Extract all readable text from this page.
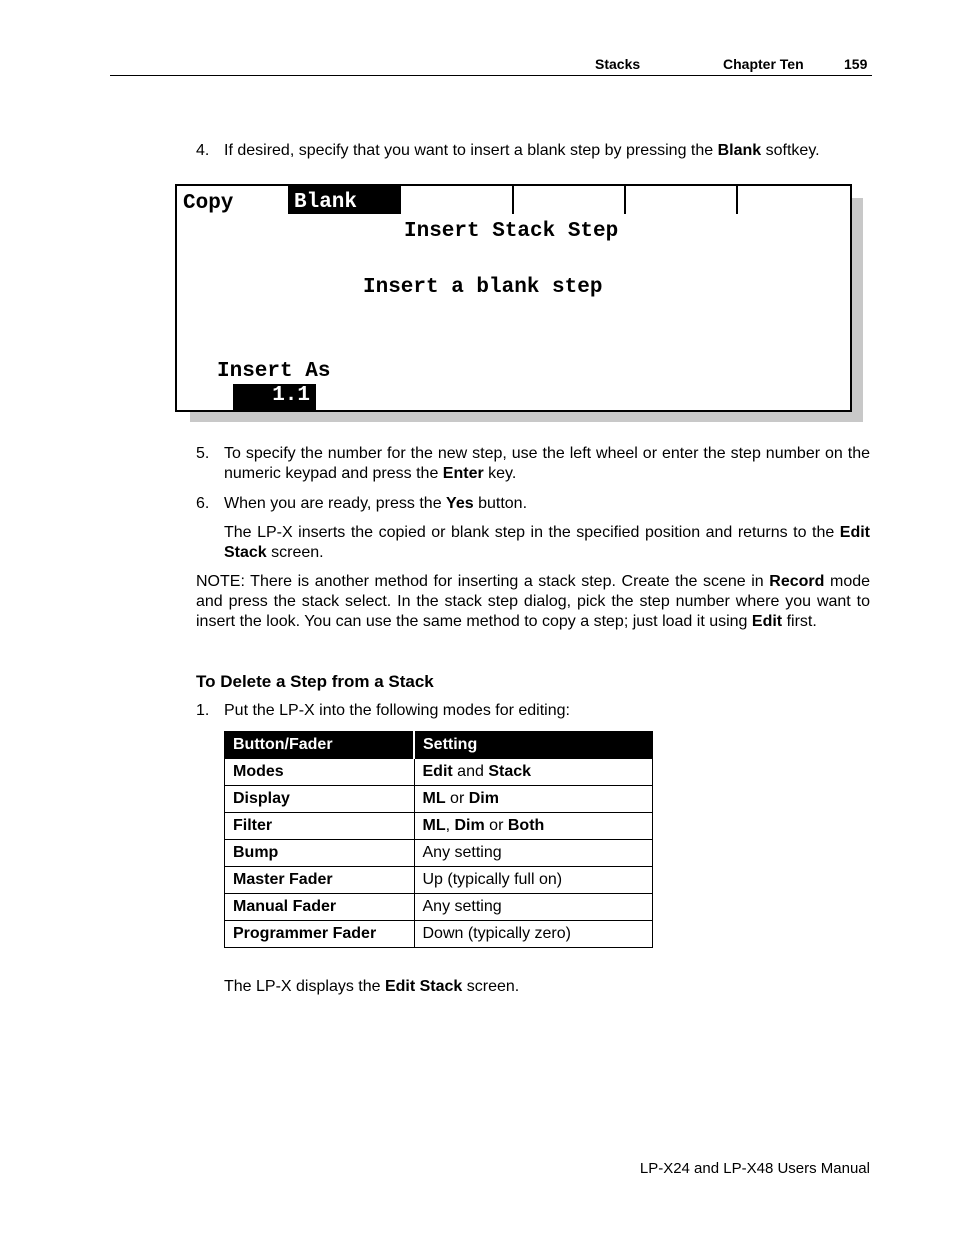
Stacks	Chapter Ten	159
4. If desired, specify that you want to insert a blank step by pressing the Blank softkey.
Copy	Blank
Insert Stack Step
Insert a blank step
Insert As
1.1
5. To specify the number for the new step, use the left wheel or enter the step number on the numeric keypad and press the Enter key.
6. When you are ready, press the Yes button.
The LP-X inserts the copied or blank step in the specified position and returns to the Edit Stack screen.
NOTE: There is another method for inserting a stack step. Create the scene in Record mode and press the stack select. In the stack step dialog, pick the step number where you want to insert the look. You can use the same method to copy a step; just load it using Edit first.
To Delete a Step from a Stack
1. Put the LP-X into the following modes for editing:
Button/Fader	Setting
Modes	Edit and Stack
Display	ML or Dim
Filter	ML, Dim or Both
Bump	Any setting
Master Fader	Up (typically full on)
Manual Fader	Any setting
Programmer Fader	Down (typically zero)
The LP-X displays the Edit Stack screen.
LP-X24 and LP-X48 Users Manual
